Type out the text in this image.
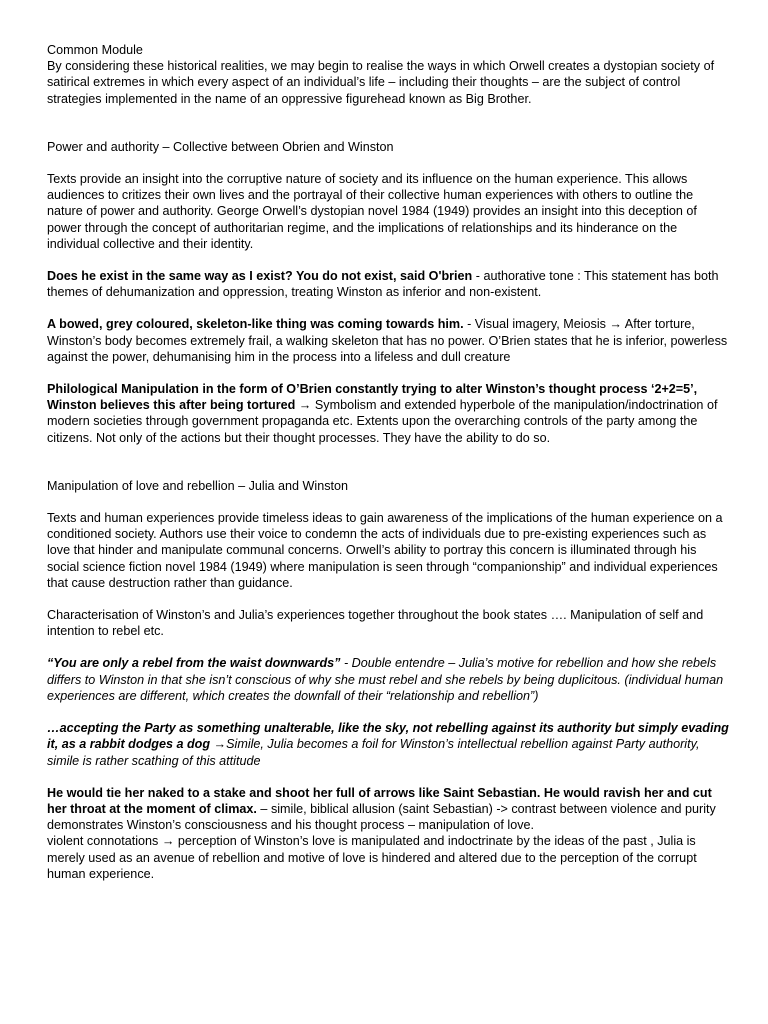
Common Module

By considering these historical realities, we may begin to realise the ways in which Orwell creates a dystopian society of satirical extremes in which every aspect of an individual’s life – including their thoughts – are the subject of control strategies implemented in the name of an oppressive figurehead known as Big Brother.

Power and authority – Collective between Obrien and Winston

Texts provide an insight into the corruptive nature of society and its influence on the human experience. This allows audiences to critizes their own lives and the portrayal of their collective human experiences with others to outline the nature of power and authority. George Orwell’s dystopian novel 1984 (1949) provides an insight into this deception of power through the concept of authoritarian regime, and the implications of relationships and its hinderance on the individual collective and their identity.

Does he exist in the same way as I exist? You do not exist, said O'brien - authorative tone : This statement has both themes of dehumanization and oppression, treating Winston as inferior and non-existent.

A bowed, grey coloured, skeleton-like thing was coming towards him. - Visual imagery, Meiosis → After torture, Winston’s body becomes extremely frail, a walking skeleton that has no power. O’Brien states that he is inferior, powerless against the power, dehumanising him in the process into a lifeless and dull creature

Philological Manipulation in the form of O’Brien constantly trying to alter Winston’s thought process ‘2+2=5’, Winston believes this after being tortured → Symbolism and extended hyperbole of the manipulation/indoctrination of modern societies through government propaganda etc. Extents upon the overarching controls of the party among the citizens. Not only of the actions but their thought processes. They have the ability to do so.

Manipulation of love and rebellion – Julia and Winston

Texts and human experiences provide timeless ideas to gain awareness of the implications of the human experience on a conditioned society. Authors use their voice to condemn the acts of individuals due to pre-existing experiences such as love that hinder and manipulate communal concerns. Orwell’s ability to portray this concern is illuminated through his social science fiction novel 1984 (1949) where manipulation is seen through “companionship” and individual experiences that cause destruction rather than guidance.

Characterisation of Winston’s and Julia’s experiences together throughout the book states …. Manipulation of self and intention to rebel etc.

“You are only a rebel from the waist downwards” - Double entendre – Julia’s motive for rebellion and how she rebels differs to Winston in that she isn’t conscious of why she must rebel and she rebels by being duplicitous. (individual human experiences are different, which creates the downfall of their “relationship and rebellion”)

…accepting the Party as something unalterable, like the sky, not rebelling against its authority but simply evading it, as a rabbit dodges a dog →Simile, Julia becomes a foil for Winston’s intellectual rebellion against Party authority, simile is rather scathing of this attitude

He would tie her naked to a stake and shoot her full of arrows like Saint Sebastian. He would ravish her and cut her throat at the moment of climax. – simile, biblical allusion (saint Sebastian) -> contrast between violence and purity demonstrates Winston’s consciousness and his thought process – manipulation of love.

violent connotations → perception of Winston’s love is manipulated and indoctrinate by the ideas of the past , Julia is merely used as an avenue of rebellion and motive of love is hindered and altered due to the perception of the corrupt human experience.
